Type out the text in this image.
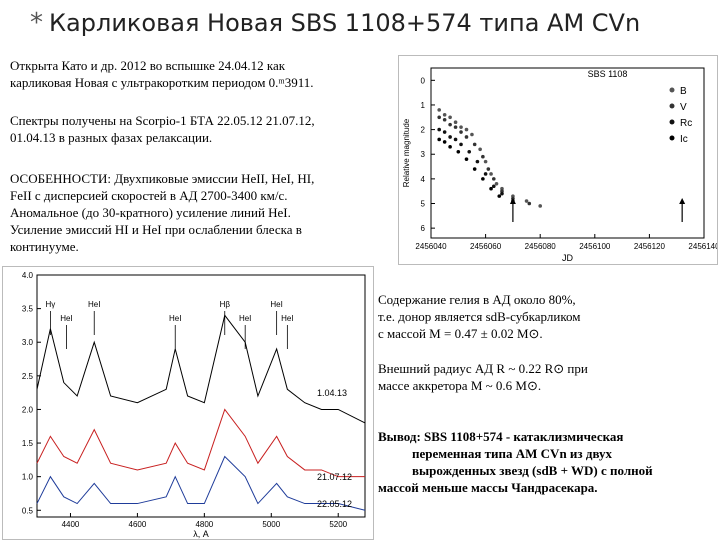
* Карликовая Новая SBS 1108+574 типа AM CVn
Открыта Като и др. 2012 во вспышке 24.04.12 как
карликовая Новая с ультракоротким периодом 0.ᵐ3911.
Спектры получены на Scorpio-1 БТА 22.05.12 21.07.12,
01.04.13 в разных фазах релаксации.
ОСОБЕННОСТИ: Двухпиковые эмиссии HeII, HeI, HI,
FeII с дисперсией скоростей в АД 2700-3400 км/с.
Аномальное (до 30-кратного) усиление линий HeI.
Усиление эмиссий HI и HeI при ослаблении блеска в
континууме.
SBS 1108
0
1
2
3
4
5
6
2456040	2456060	2456080	2456100	2456120	2456140
JD
Relative magnitude
B
V
Rc
Ic
0.5
1.0
1.5
2.0
2.5
3.0
3.5
4.0
4400	4600	4800	5000	5200
λ, A
Hγ
HeI
HeI
HeI
Hβ
HeI
HeI
HeI
1.04.13
21.07.12
22.05.12
Содержание гелия в АД около 80%,
т.е. донор является sdB-субкарликом
с массой M = 0.47 ± 0.02 M⊙.
Внешний радиус АД R ~ 0.22 R⊙ при
массе аккретора M ~ 0.6 M⊙.
Вывод: SBS 1108+574 - катаклизмическая
переменная типа AM CVn из двух
вырожденных звезд (sdB + WD) с полной
массой меньше массы Чандрасекара.
